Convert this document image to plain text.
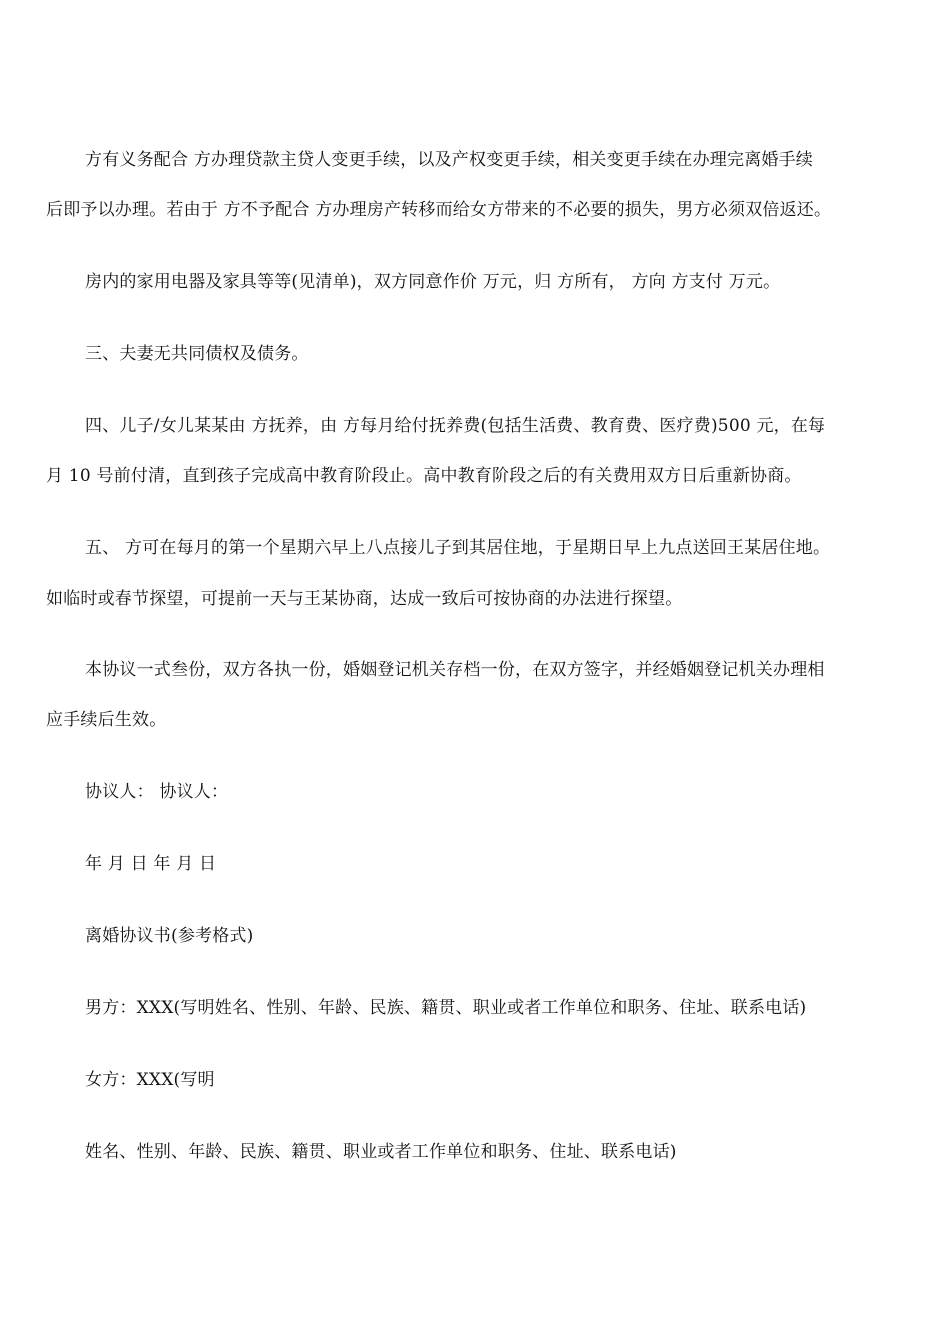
方有义务配合 方办理贷款主贷人变更手续，以及产权变更手续，相关变更手续在办理完离婚手续
后即予以办理。若由于 方不予配合 方办理房产转移而给女方带来的不必要的损失，男方必须双倍返还。
房内的家用电器及家具等等(见清单)，双方同意作价 万元，归 方所有， 方向 方支付 万元。
三、夫妻无共同债权及债务。
四、儿子/女儿某某由 方抚养，由 方每月给付抚养费(包括生活费、教育费、医疗费)500 元，在每
月 10 号前付清，直到孩子完成高中教育阶段止。高中教育阶段之后的有关费用双方日后重新协商。
五、 方可在每月的第一个星期六早上八点接儿子到其居住地，于星期日早上九点送回王某居住地。
如临时或春节探望，可提前一天与王某协商，达成一致后可按协商的办法进行探望。
本协议一式叁份，双方各执一份，婚姻登记机关存档一份，在双方签字，并经婚姻登记机关办理相
应手续后生效。
协议人： 协议人：
年 月 日 年 月 日
离婚协议书(参考格式)
男方：XXX(写明姓名、性别、年龄、民族、籍贯、职业或者工作单位和职务、住址、联系电话)
女方：XXX(写明
姓名、性别、年龄、民族、籍贯、职业或者工作单位和职务、住址、联系电话)
